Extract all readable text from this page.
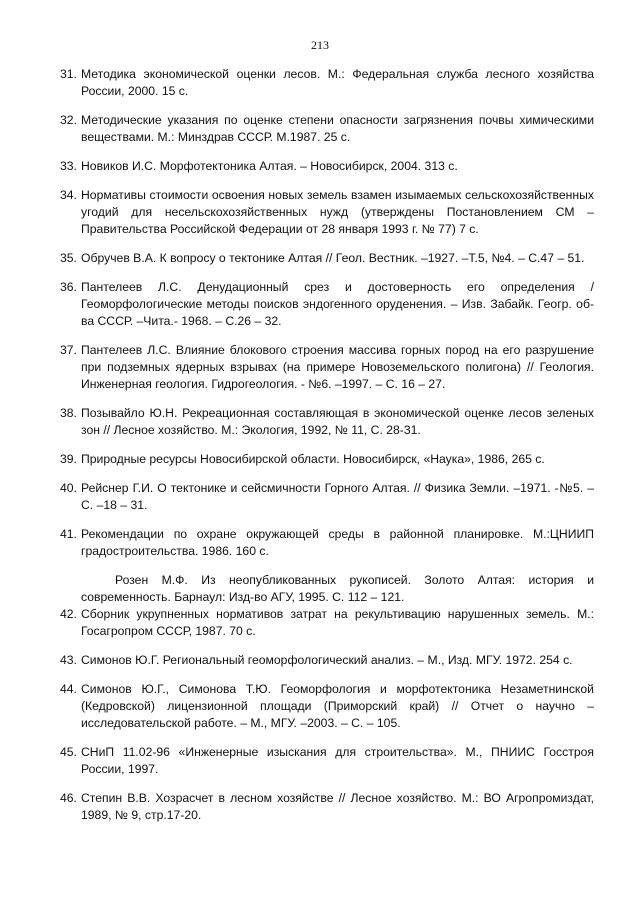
213
31. Методика экономической оценки лесов. М.: Федеральная служба лесного хозяйства России, 2000. 15 с.
32. Методические указания по оценке степени опасности загрязнения почвы химическими веществами. М.: Минздрав СССР. М.1987. 25 с.
33. Новиков И.С. Морфотектоника Алтая. – Новосибирск, 2004. 313 с.
34. Нормативы стоимости освоения новых земель взамен изымаемых сельскохозяйственных угодий для несельскохозяйственных нужд (утверждены Постановлением СМ – Правительства Российской Федерации от 28 января 1993 г. № 77) 7 с.
35. Обручев В.А. К вопросу о тектонике Алтая // Геол. Вестник. –1927. –Т.5, №4. – С.47 – 51.
36. Пантелеев Л.С. Денудационный срез и достоверность его определения / Геоморфологические методы поисков эндогенного оруденения. – Изв. Забайк. Геогр. об-ва СССР. –Чита.- 1968. – С.26 – 32.
37. Пантелеев Л.С. Влияние блокового строения массива горных пород на его разрушение при подземных ядерных взрывах (на примере Новоземельского полигона) // Геология. Инженерная геология. Гидрогеология. - №6. –1997. – С. 16 – 27.
38. Позывайло Ю.Н. Рекреационная составляющая в экономической оценке лесов зеленых зон // Лесное хозяйство. М.: Экология, 1992, № 11, С. 28-31.
39. Природные ресурсы Новосибирской области. Новосибирск, «Наука», 1986, 265 с.
40. Рейснер Г.И. О тектонике и сейсмичности Горного Алтая. // Физика Земли. –1971. -№5. –С. –18 – 31.
41. Рекомендации по охране окружающей среды в районной планировке. М.:ЦНИИП градостроительства. 1986. 160 с.
Розен М.Ф. Из неопубликованных рукописей. Золото Алтая: история и современность. Барнаул: Изд-во АГУ, 1995. С. 112 – 121.
42. Сборник укрупненных нормативов затрат на рекультивацию нарушенных земель. М.: Госагропром СССР, 1987. 70 с.
43. Симонов Ю.Г. Региональный геоморфологический анализ. – М., Изд. МГУ. 1972. 254 с.
44. Симонов Ю.Г., Симонова Т.Ю. Геоморфология и морфотектоника Незаметнинской (Кедровской) лицензионной площади (Приморский край) // Отчет о научно – исследовательской работе. – М., МГУ. –2003. – С. – 105.
45. СНиП 11.02-96 «Инженерные изыскания для строительства». М., ПНИИС Госстроя России, 1997.
46. Степин В.В. Хозрасчет в лесном хозяйстве // Лесное хозяйство. М.: ВО Агропромиздат, 1989, № 9, стр.17-20.
